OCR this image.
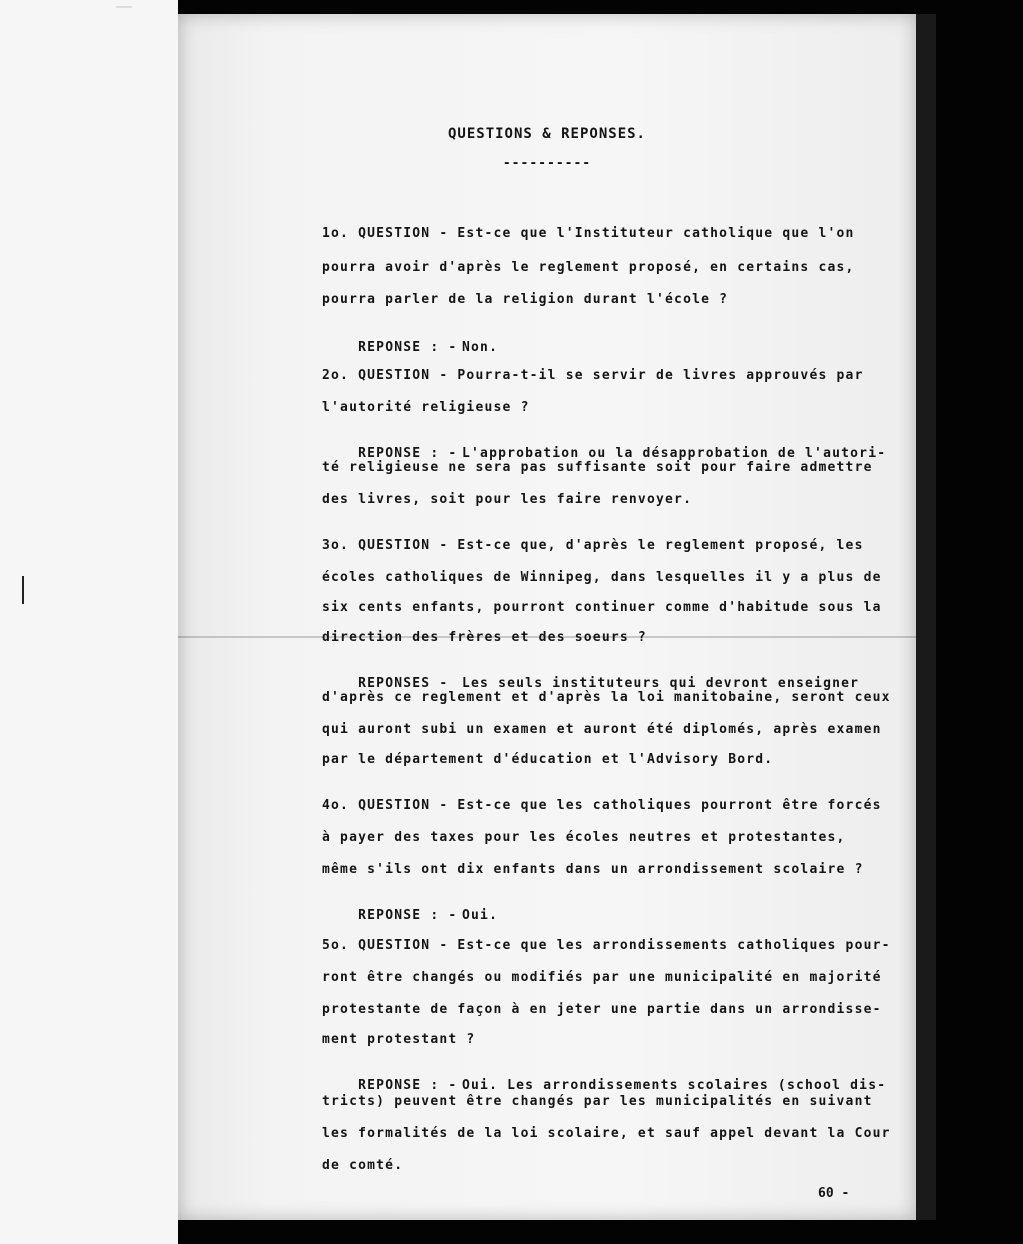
QUESTIONS & REPONSES.
----------
1o. QUESTION - Est-ce que l'Instituteur catholique que l'on
pourra avoir d'après le reglement proposé, en certains cas,
pourra parler de la religion durant l'école ?

REPONSE : - Non.

2o. QUESTION - Pourra-t-il se servir de livres approuvés par
l'autorité religieuse ?

REPONSE : - L'approbation ou la désapprobation de l'autori-

té religieuse ne sera pas suffisante soit pour faire admettre
des livres, soit pour les faire renvoyer.
3o. QUESTION - Est-ce que, d'après le reglement proposé, les
écoles catholiques de Winnipeg, dans lesquelles il y a plus de
six cents enfants, pourront continuer comme d'habitude sous la
direction des frères et des soeurs ?

REPONSES - Les seuls instituteurs qui devront enseigner

d'après ce reglement et d'après la loi manitobaine, seront ceux
qui auront subi un examen et auront été diplomés, après examen
par le département d'éducation et l'Advisory Bord.
4o. QUESTION - Est-ce que les catholiques pourront être forcés
à payer des taxes pour les écoles neutres et protestantes,
même s'ils ont dix enfants dans un arrondissement scolaire ?

REPONSE : - Oui.

5o. QUESTION - Est-ce que les arrondissements catholiques pour-
ront être changés ou modifiés par une municipalité en majorité
protestante de façon à en jeter une partie dans un arrondisse-
ment protestant ?

REPONSE : - Oui. Les arrondissements scolaires (school dis-

tricts) peuvent être changés par les municipalités en suivant
les formalités de la loi scolaire, et sauf appel devant la Cour
de comté.
60 -
